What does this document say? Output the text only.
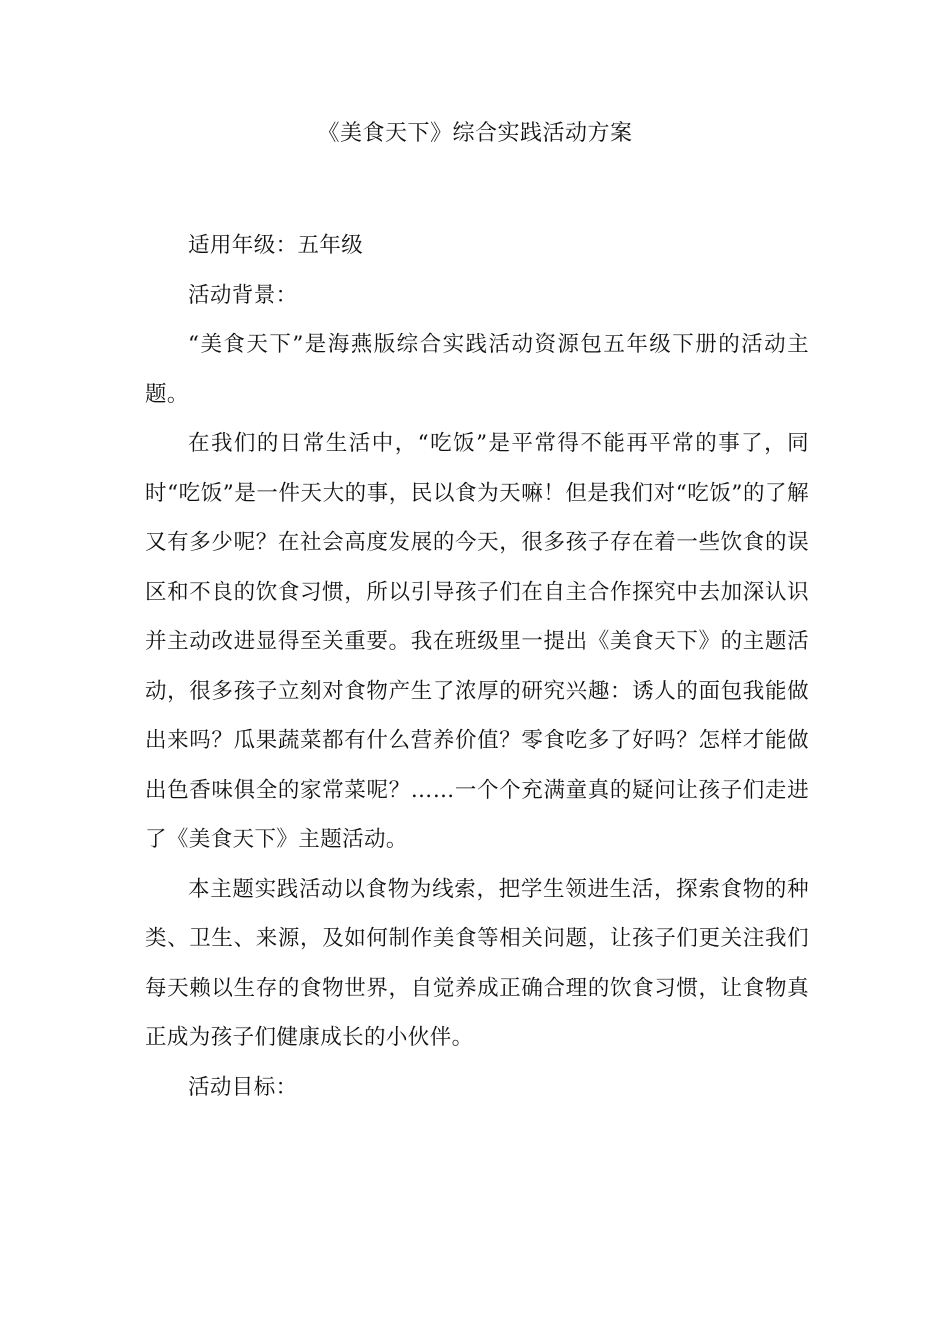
《美食天下》综合实践活动方案

适用年级：五年级

活动背景：

“美食天下”是海燕版综合实践活动资源包五年级下册的活动主题。

在我们的日常生活中，“吃饭”是平常得不能再平常的事了，同时“吃饭”是一件天大的事，民以食为天嘛！但是我们对“吃饭”的了解又有多少呢？在社会高度发展的今天，很多孩子存在着一些饮食的误区和不良的饮食习惯，所以引导孩子们在自主合作探究中去加深认识并主动改进显得至关重要。我在班级里一提出《美食天下》的主题活动，很多孩子立刻对食物产生了浓厚的研究兴趣：诱人的面包我能做出来吗？瓜果蔬菜都有什么营养价值？零食吃多了好吗？怎样才能做出色香味俱全的家常菜呢？……一个个充满童真的疑问让孩子们走进了《美食天下》主题活动。

本主题实践活动以食物为线索，把学生领进生活，探索食物的种类、卫生、来源，及如何制作美食等相关问题，让孩子们更关注我们每天赖以生存的食物世界，自觉养成正确合理的饮食习惯，让食物真正成为孩子们健康成长的小伙伴。

活动目标：
